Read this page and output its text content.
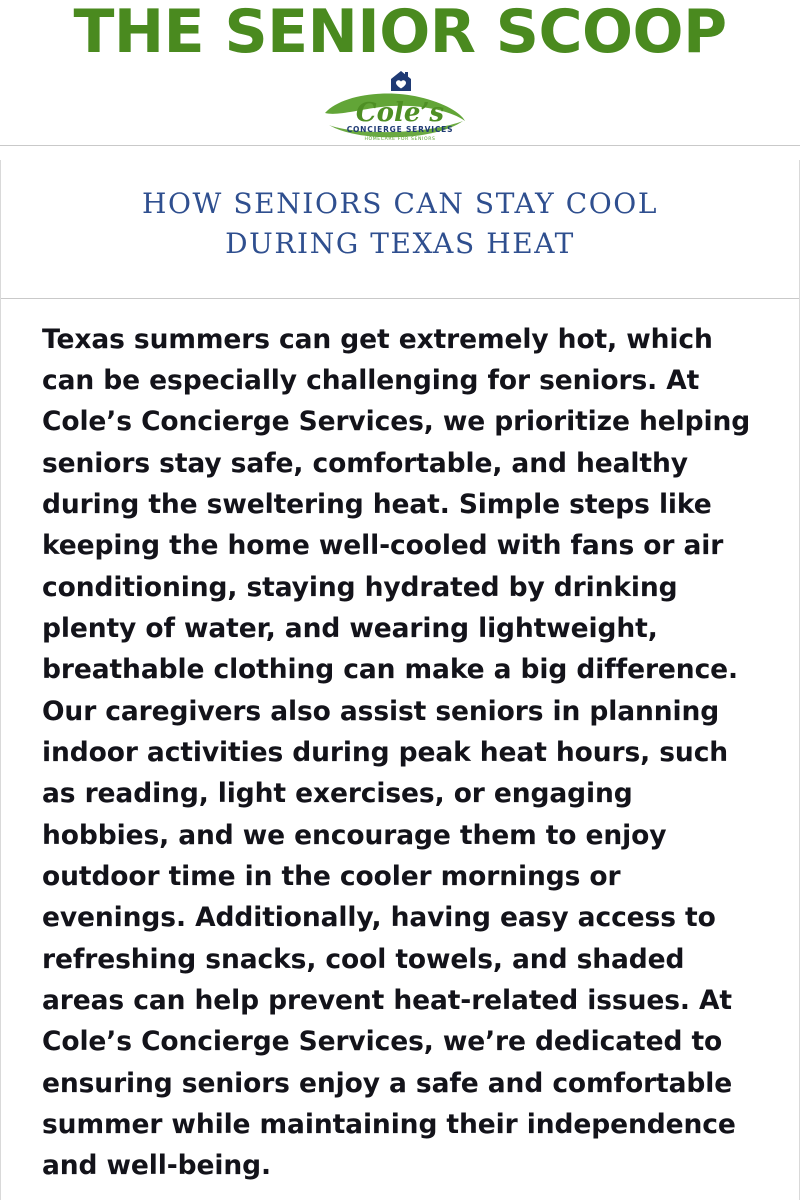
THE SENIOR SCOOP
Cole’s
CONCIERGE SERVICES
HOMECARE FOR SENIORS
HOW SENIORS CAN STAY COOL
DURING TEXAS HEAT

Texas summers can get extremely hot, which can be especially challenging for seniors. At Cole’s Concierge Services, we prioritize helping seniors stay safe, comfortable, and healthy during the sweltering heat. Simple steps like keeping the home well-cooled with fans or air conditioning, staying hydrated by drinking plenty of water, and wearing lightweight, breathable clothing can make a big difference. Our caregivers also assist seniors in planning indoor activities during peak heat hours, such as reading, light exercises, or engaging hobbies, and we encourage them to enjoy outdoor time in the cooler mornings or evenings. Additionally, having easy access to refreshing snacks, cool towels, and shaded areas can help prevent heat-related issues. At Cole’s Concierge Services, we’re dedicated to ensuring seniors enjoy a safe and comfortable summer while maintaining their independence and well-being.
